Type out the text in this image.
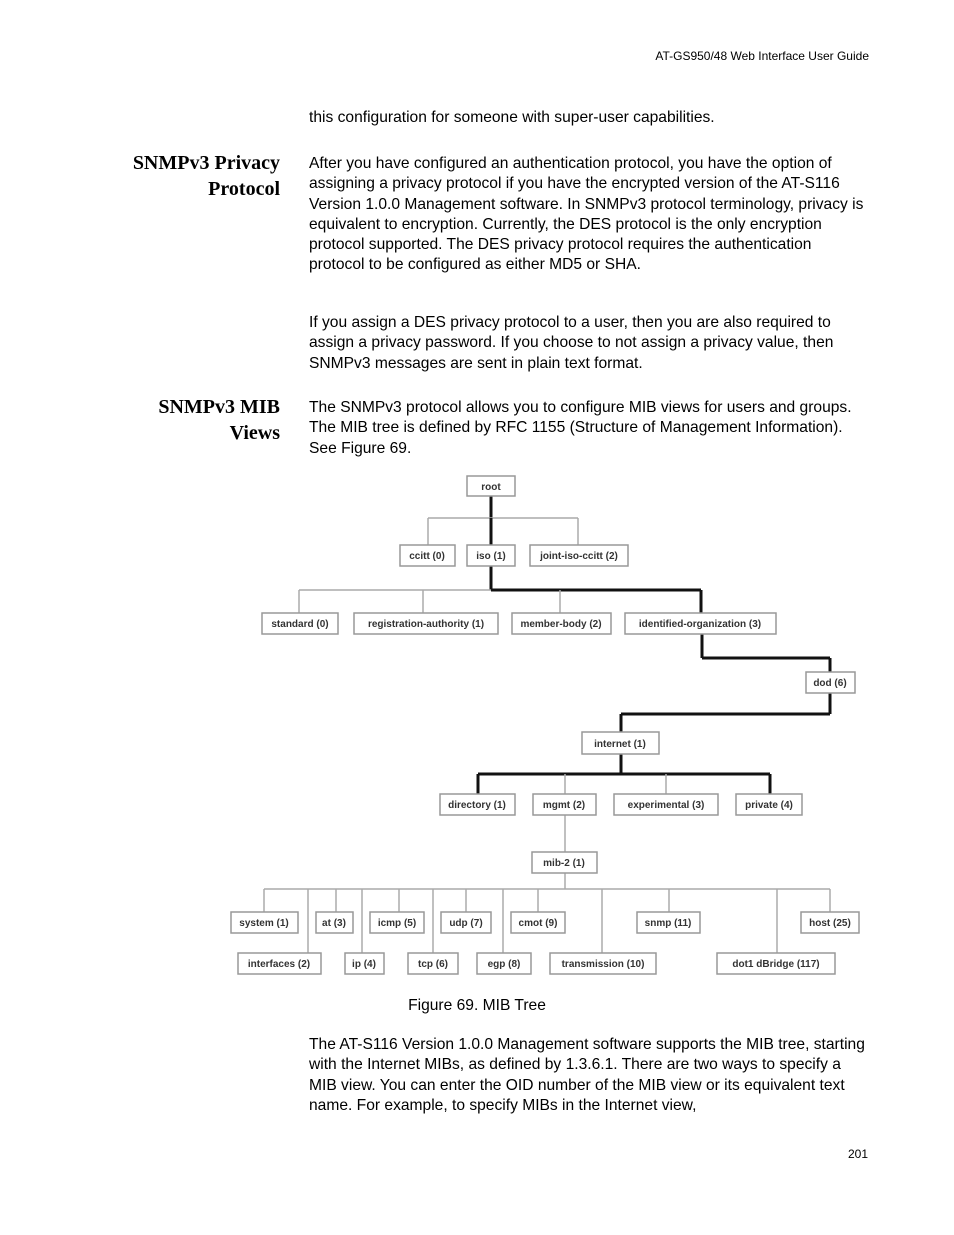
AT-GS950/48 Web Interface User Guide

this configuration for someone with super-user capabilities.

SNMPv3 Privacy
Protocol

After you have configured an authentication protocol, you have the option of assigning a privacy protocol if you have the encrypted version of the AT-S116 Version 1.0.0 Management software. In SNMPv3 protocol terminology, privacy is equivalent to encryption. Currently, the DES protocol is the only encryption protocol supported. The DES privacy protocol requires the authentication protocol to be configured as either MD5 or SHA.

If you assign a DES privacy protocol to a user, then you are also required to assign a privacy password. If you choose to not assign a privacy value, then SNMPv3 messages are sent in plain text format.

SNMPv3 MIB
Views

The SNMPv3 protocol allows you to configure MIB views for users and groups. The MIB tree is defined by RFC 1155 (Structure of Management Information). See Figure 69.

root
ccitt (0)	iso (1)	joint-iso-ccitt (2)
standard (0)	registration-authority (1)	member-body (2)	identified-organization (3)
dod (6)
internet (1)
directory (1)	mgmt (2)	experimental (3)	private (4)
mib-2 (1)
system (1)	at (3)	icmp (5)	udp (7)	cmot (9)	snmp (11)	host (25)
interfaces (2)	ip (4)	tcp (6)	egp (8)	transmission (10)	dot1 dBridge (117)
Figure 69. MIB Tree

The AT-S116 Version 1.0.0 Management software supports the MIB tree, starting with the Internet MIBs, as defined by 1.3.6.1. There are two ways to specify a MIB view. You can enter the OID number of the MIB view or its equivalent text name. For example, to specify MIBs in the Internet view,

201
